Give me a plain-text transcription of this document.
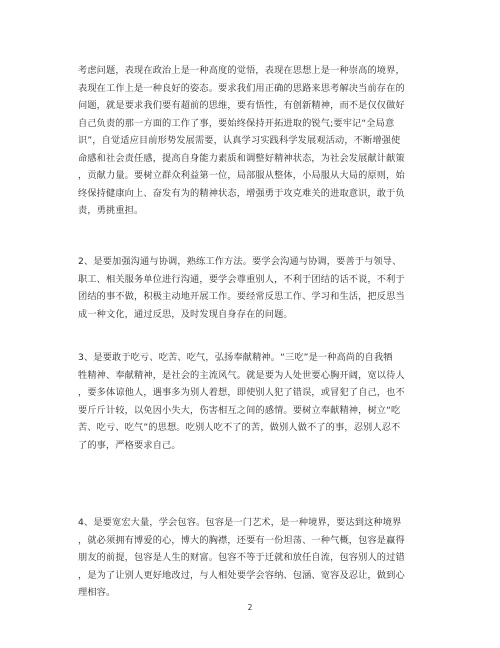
考虑问题，表现在政治上是一种高度的觉悟，表现在思想上是一种崇高的境界，
表现在工作上是一种良好的姿态。要求我们用正确的思路来思考解决当前存在的
问题，就是要求我们要有超前的思维，要有悟性，有创新精神，而不是仅仅做好
自己负责的那一方面的工作了事，要始终保持开拓进取的锐气;要牢记“全局意
识”，自觉适应目前形势发展需要，认真学习实践科学发展观活动，不断增强使
命感和社会责任感，提高自身能力素质和调整好精神状态，为社会发展献计献策
，贡献力量。要树立群众利益第一位，局部服从整体，小局服从大局的原则，始
终保持健康向上、奋发有为的精神状态，增强勇于攻克难关的进取意识，敢于负
责，勇挑重担。
2、是要加强沟通与协调，熟练工作方法。要学会沟通与协调，要善于与领导、
职工、相关服务单位进行沟通，要学会尊重别人，不利于团结的话不说，不利于
团结的事不做，积极主动地开展工作。要经常反思工作、学习和生活，把反思当
成一种文化，通过反思，及时发现自身存在的问题。
3、是要敢于吃亏、吃苦、吃气，弘扬奉献精神。“三吃”是一种高尚的自我牺
牲精神、奉献精神，是社会的主流风气。就是要为人处世要心胸开阔，宽以待人
，要多体谅他人，遇事多为别人着想，即使别人犯了错误，或冒犯了自己，也不
要斤斤计较，以免因小失大，伤害相互之间的感情。要树立奉献精神，树立“吃
苦、吃亏、吃气”的思想。吃别人吃不了的苦，做别人做不了的事，忍别人忍不
了的事，严格要求自己。
4、是要宽宏大量，学会包容。包容是一门艺术，是一种境界，要达到这种境界
，就必须拥有博爱的心，博大的胸襟，还要有一份坦荡、一种气概，包容是赢得
朋友的前提，包容是人生的财富。包容不等于迁就和放任自流，包容别人的过错
，是为了让别人更好地改过，与人相处要学会容纳、包涵、宽容及忍让，做到心
理相容。
2
